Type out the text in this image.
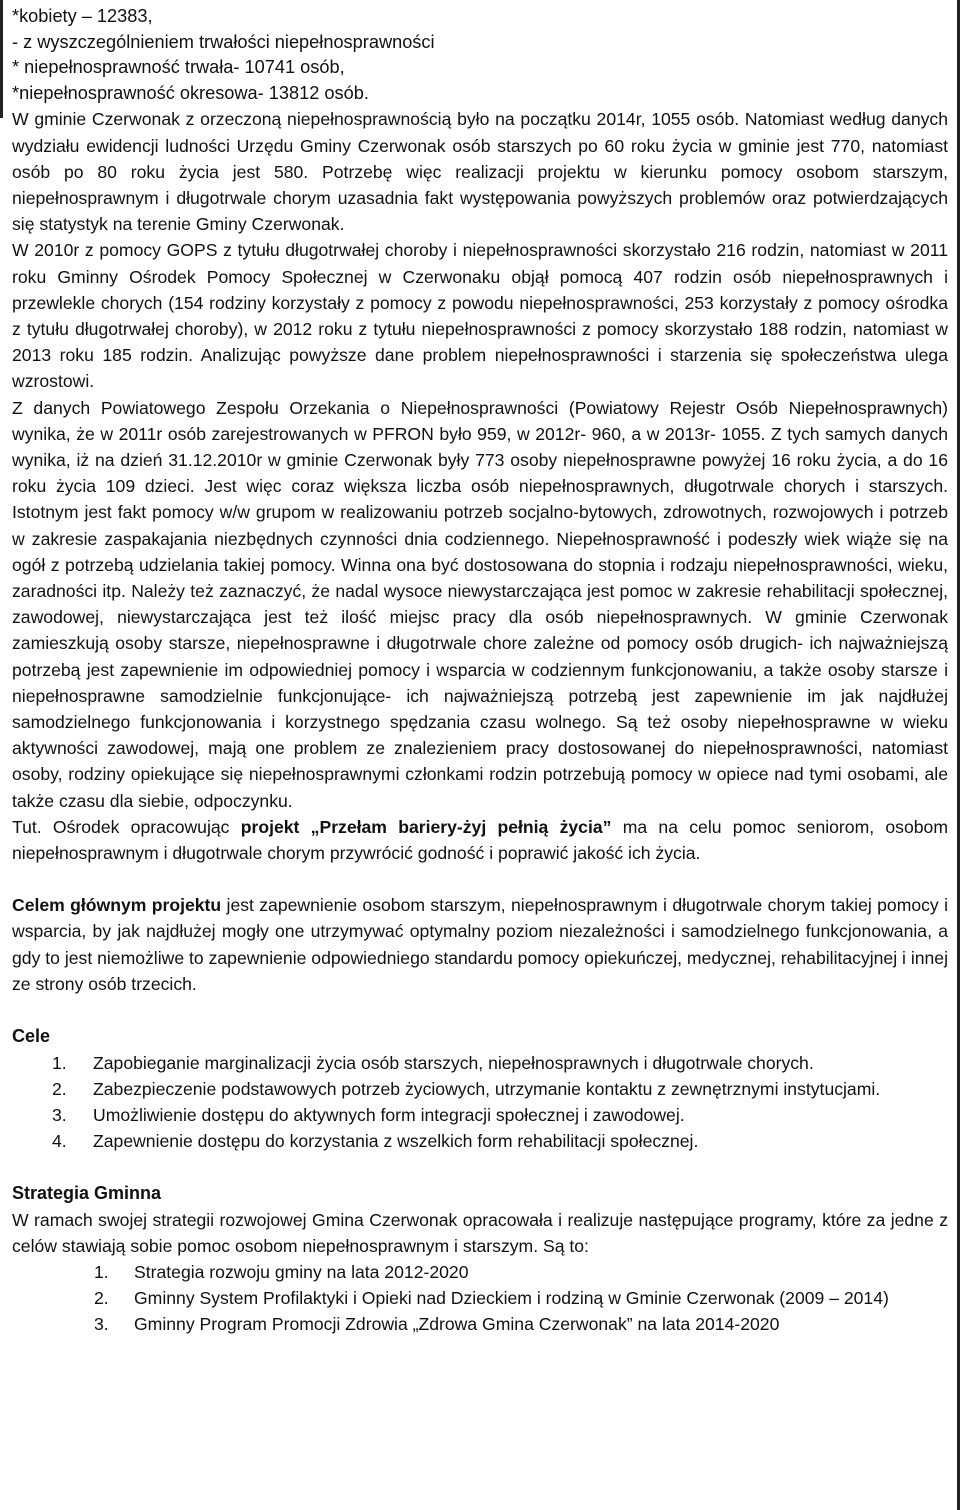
*kobiety – 12383,
- z wyszczególnieniem trwałości niepełnosprawności
* niepełnosprawność trwała- 10741 osób,
*niepełnosprawność okresowa- 13812 osób.

W gminie Czerwonak z orzeczoną niepełnosprawnością było na początku 2014r, 1055 osób. Natomiast według danych wydziału ewidencji ludności Urzędu Gminy Czerwonak osób starszych po 60 roku życia w gminie jest 770, natomiast osób po 80 roku życia jest 580. Potrzebę więc realizacji projektu w kierunku pomocy osobom starszym, niepełnosprawnym i długotrwale chorym uzasadnia fakt występowania powyższych problemów oraz potwierdzających się statystyk na terenie Gminy Czerwonak.

W 2010r z pomocy GOPS z tytułu długotrwałej choroby i niepełnosprawności skorzystało 216 rodzin, natomiast w 2011 roku Gminny Ośrodek Pomocy Społecznej w Czerwonaku objął pomocą 407 rodzin osób niepełnosprawnych i przewlekle chorych (154 rodziny korzystały z pomocy z powodu niepełnosprawności, 253 korzystały z pomocy ośrodka z tytułu długotrwałej choroby), w 2012 roku z tytułu niepełnosprawności z pomocy skorzystało 188 rodzin, natomiast w 2013 roku 185 rodzin. Analizując powyższe dane problem niepełnosprawności i starzenia się społeczeństwa ulega wzrostowi.

Z danych Powiatowego Zespołu Orzekania o Niepełnosprawności (Powiatowy Rejestr Osób Niepełnosprawnych) wynika, że w 2011r osób zarejestrowanych w PFRON było 959, w 2012r- 960, a w 2013r- 1055. Z tych samych danych wynika, iż na dzień 31.12.2010r w gminie Czerwonak były 773 osoby niepełnosprawne powyżej 16 roku życia, a do 16 roku życia 109 dzieci. Jest więc coraz większa liczba osób niepełnosprawnych, długotrwale chorych i starszych. Istotnym jest fakt pomocy w/w grupom w realizowaniu potrzeb socjalno-bytowych, zdrowotnych, rozwojowych i potrzeb w zakresie zaspakajania niezbędnych czynności dnia codziennego. Niepełnosprawność i podeszły wiek wiąże się na ogół z potrzebą udzielania takiej pomocy. Winna ona być dostosowana do stopnia i rodzaju niepełnosprawności, wieku, zaradności itp. Należy też zaznaczyć, że nadal wysoce niewystarczająca jest pomoc w zakresie rehabilitacji społecznej, zawodowej, niewystarczająca jest też ilość miejsc pracy dla osób niepełnosprawnych. W gminie Czerwonak zamieszkują osoby starsze, niepełnosprawne i długotrwale chore zależne od pomocy osób drugich- ich najważniejszą potrzebą jest zapewnienie im odpowiedniej pomocy i wsparcia w codziennym funkcjonowaniu, a także osoby starsze i niepełnosprawne samodzielnie funkcjonujące- ich najważniejszą potrzebą jest zapewnienie im jak najdłużej samodzielnego funkcjonowania i korzystnego spędzania czasu wolnego. Są też osoby niepełnosprawne w wieku aktywności zawodowej, mają one problem ze znalezieniem pracy dostosowanej do niepełnosprawności, natomiast osoby, rodziny opiekujące się niepełnosprawnymi członkami rodzin potrzebują pomocy w opiece nad tymi osobami, ale także czasu dla siebie, odpoczynku.

Tut. Ośrodek opracowując projekt „Przełam bariery-żyj pełnią życia” ma na celu pomoc seniorom, osobom niepełnosprawnym i długotrwale chorym przywrócić godność i poprawić jakość ich życia.

Celem głównym projektu jest zapewnienie osobom starszym, niepełnosprawnym i długotrwale chorym takiej pomocy i wsparcia, by jak najdłużej mogły one utrzymywać optymalny poziom niezależności i samodzielnego funkcjonowania, a gdy to jest niemożliwe to zapewnienie odpowiedniego standardu pomocy opiekuńczej, medycznej, rehabilitacyjnej i innej ze strony osób trzecich.

Cele

1. Zapobieganie marginalizacji życia osób starszych, niepełnosprawnych i długotrwale chorych.
2. Zabezpieczenie podstawowych potrzeb życiowych, utrzymanie kontaktu z zewnętrznymi instytucjami.
3. Umożliwienie dostępu do aktywnych form integracji społecznej i zawodowej.
4. Zapewnienie dostępu do korzystania z wszelkich form rehabilitacji społecznej.

Strategia Gminna

W ramach swojej strategii rozwojowej Gmina Czerwonak opracowała i realizuje następujące programy, które za jedne z celów stawiają sobie pomoc osobom niepełnosprawnym i starszym. Są to:

1. Strategia rozwoju gminy na lata 2012-2020
2. Gminny System Profilaktyki i Opieki nad Dzieckiem i rodziną w Gminie Czerwonak (2009 – 2014)
3. Gminny Program Promocji Zdrowia „Zdrowa Gmina Czerwonak” na lata 2014-2020
